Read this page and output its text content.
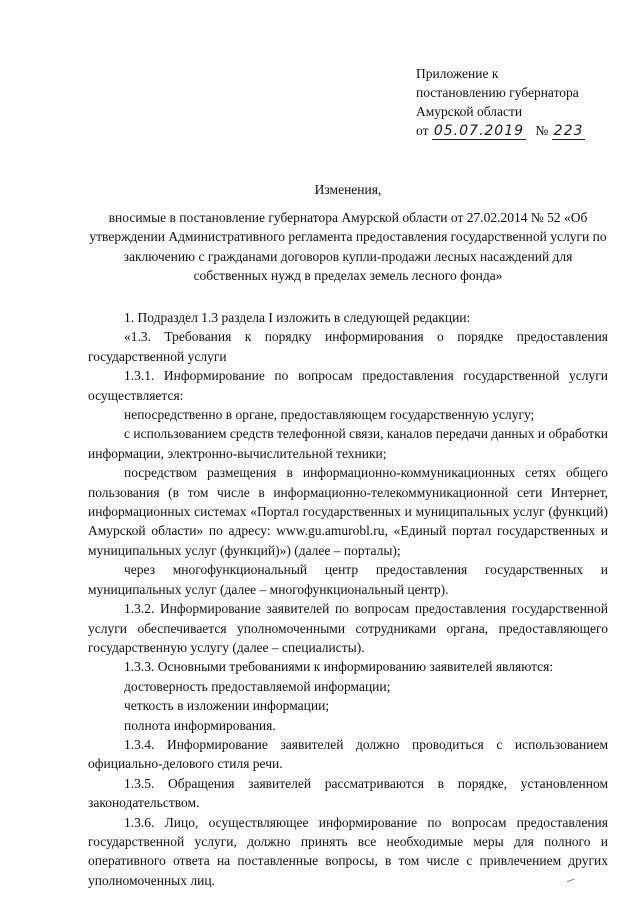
Приложение к
постановлению губернатора
Амурской области
от 05.07.2019 № 223
Изменения,
вносимые в постановление губернатора Амурской области от 27.02.2014 № 52 «Об утверждении Административного регламента предоставления государственной услуги по заключению с гражданами договоров купли-продажи лесных насаждений для собственных нужд в пределах земель лесного фонда»

1. Подраздел 1.3 раздела I изложить в следующей редакции:

«1.3. Требования к порядку информирования о порядке предоставления государственной услуги

1.3.1. Информирование по вопросам предоставления государственной услуги осуществляется:

непосредственно в органе, предоставляющем государственную услугу;

с использованием средств телефонной связи, каналов передачи данных и обработки информации, электронно-вычислительной техники;

посредством размещения в информационно-коммуникационных сетях общего пользования (в том числе в информационно-телекоммуникационной сети Интернет, информационных системах «Портал государственных и муниципальных услуг (функций) Амурской области» по адресу: www.gu.amurobl.ru, «Единый портал государственных и муниципальных услуг (функций)») (далее – порталы);

через многофункциональный центр предоставления государственных и муниципальных услуг (далее – многофункциональный центр).

1.3.2. Информирование заявителей по вопросам предоставления государственной услуги обеспечивается уполномоченными сотрудниками органа, предоставляющего государственную услугу (далее – специалисты).

1.3.3. Основными требованиями к информированию заявителей являются:

достоверность предоставляемой информации;

четкость в изложении информации;

полнота информирования.

1.3.4. Информирование заявителей должно проводиться с использованием официально-делового стиля речи.

1.3.5. Обращения заявителей рассматриваются в порядке, установленном законодательством.

1.3.6. Лицо, осуществляющее информирование по вопросам предоставления государственной услуги, должно принять все необходимые меры для полного и оперативного ответа на поставленные вопросы, в том числе с привлечением других уполномоченных лиц.
